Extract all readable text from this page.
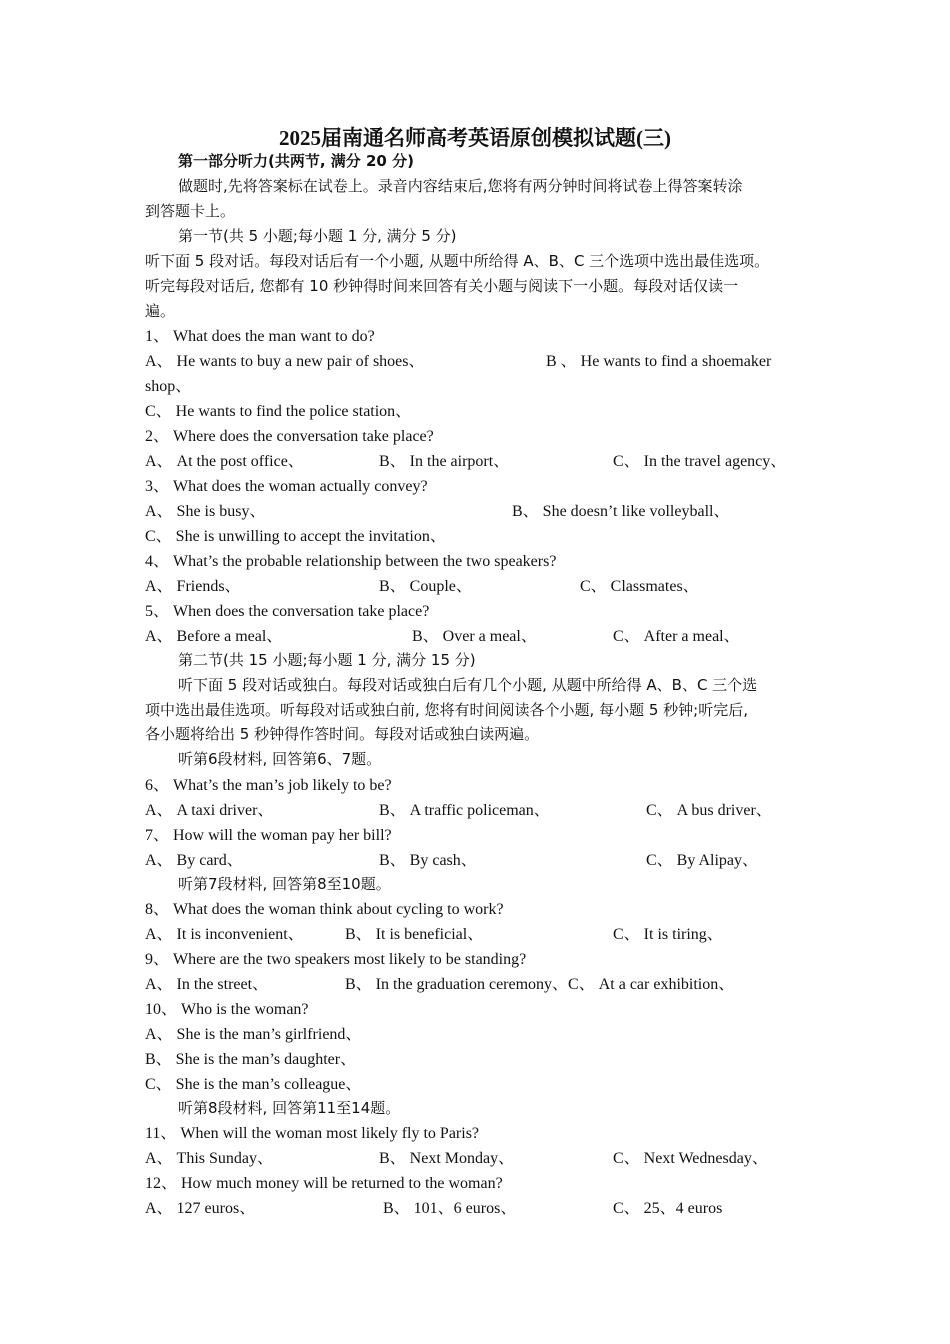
2025届南通名师高考英语原创模拟试题(三)
第一部分听力(共两节, 满分 20 分)
做题时,先将答案标在试卷上。录音内容结束后,您将有两分钟时间将试卷上得答案转涂
到答题卡上。
第一节(共 5 小题;每小题 1 分, 满分 5 分)
听下面 5 段对话。每段对话后有一个小题, 从题中所给得 A、B、C 三个选项中选出最佳选项。
听完每段对话后, 您都有 10 秒钟得时间来回答有关小题与阅读下一小题。每段对话仅读一
遍。
1、 What does the man want to do?
A、 He wants to buy a new pair of shoes、	B 、 He wants to find a shoemaker
shop、
C、 He wants to find the police station、
2、 Where does the conversation take place?
A、 At the post office、	B、 In the airport、	C、 In the travel agency、
3、 What does the woman actually convey?
A、 She is busy、	B、 She doesn’t like volleyball、
C、 She is unwilling to accept the invitation、
4、 What’s the probable relationship between the two speakers?
A、 Friends、	B、 Couple、	C、 Classmates、
5、 When does the conversation take place?
A、 Before a meal、	B、 Over a meal、	C、 After a meal、
第二节(共 15 小题;每小题 1 分, 满分 15 分)
听下面 5 段对话或独白。每段对话或独白后有几个小题, 从题中所给得 A、B、C 三个选
项中选出最佳选项。听每段对话或独白前, 您将有时间阅读各个小题, 每小题 5 秒钟;听完后,
各小题将给出 5 秒钟得作答时间。每段对话或独白读两遍。
听第6段材料, 回答第6、7题。
6、 What’s the man’s job likely to be?
A、 A taxi driver、	B、 A traffic policeman、	C、 A bus driver、
7、 How will the woman pay her bill?
A、 By card、	B、 By cash、	C、 By Alipay、
听第7段材料, 回答第8至10题。
8、 What does the woman think about cycling to work?
A、 It is inconvenient、	B、 It is beneficial、	C、 It is tiring、
9、 Where are the two speakers most likely to be standing?
A、 In the street、	B、 In the graduation ceremony、C、 At a car exhibition、
10、 Who is the woman?
A、 She is the man’s girlfriend、
B、 She is the man’s daughter、
C、 She is the man’s colleague、
听第8段材料, 回答第11至14题。
11、 When will the woman most likely fly to Paris?
A、 This Sunday、	B、 Next Monday、	C、 Next Wednesday、
12、 How much money will be returned to the woman?
A、 127 euros、	B、 101、6 euros、	C、 25、4 euros
